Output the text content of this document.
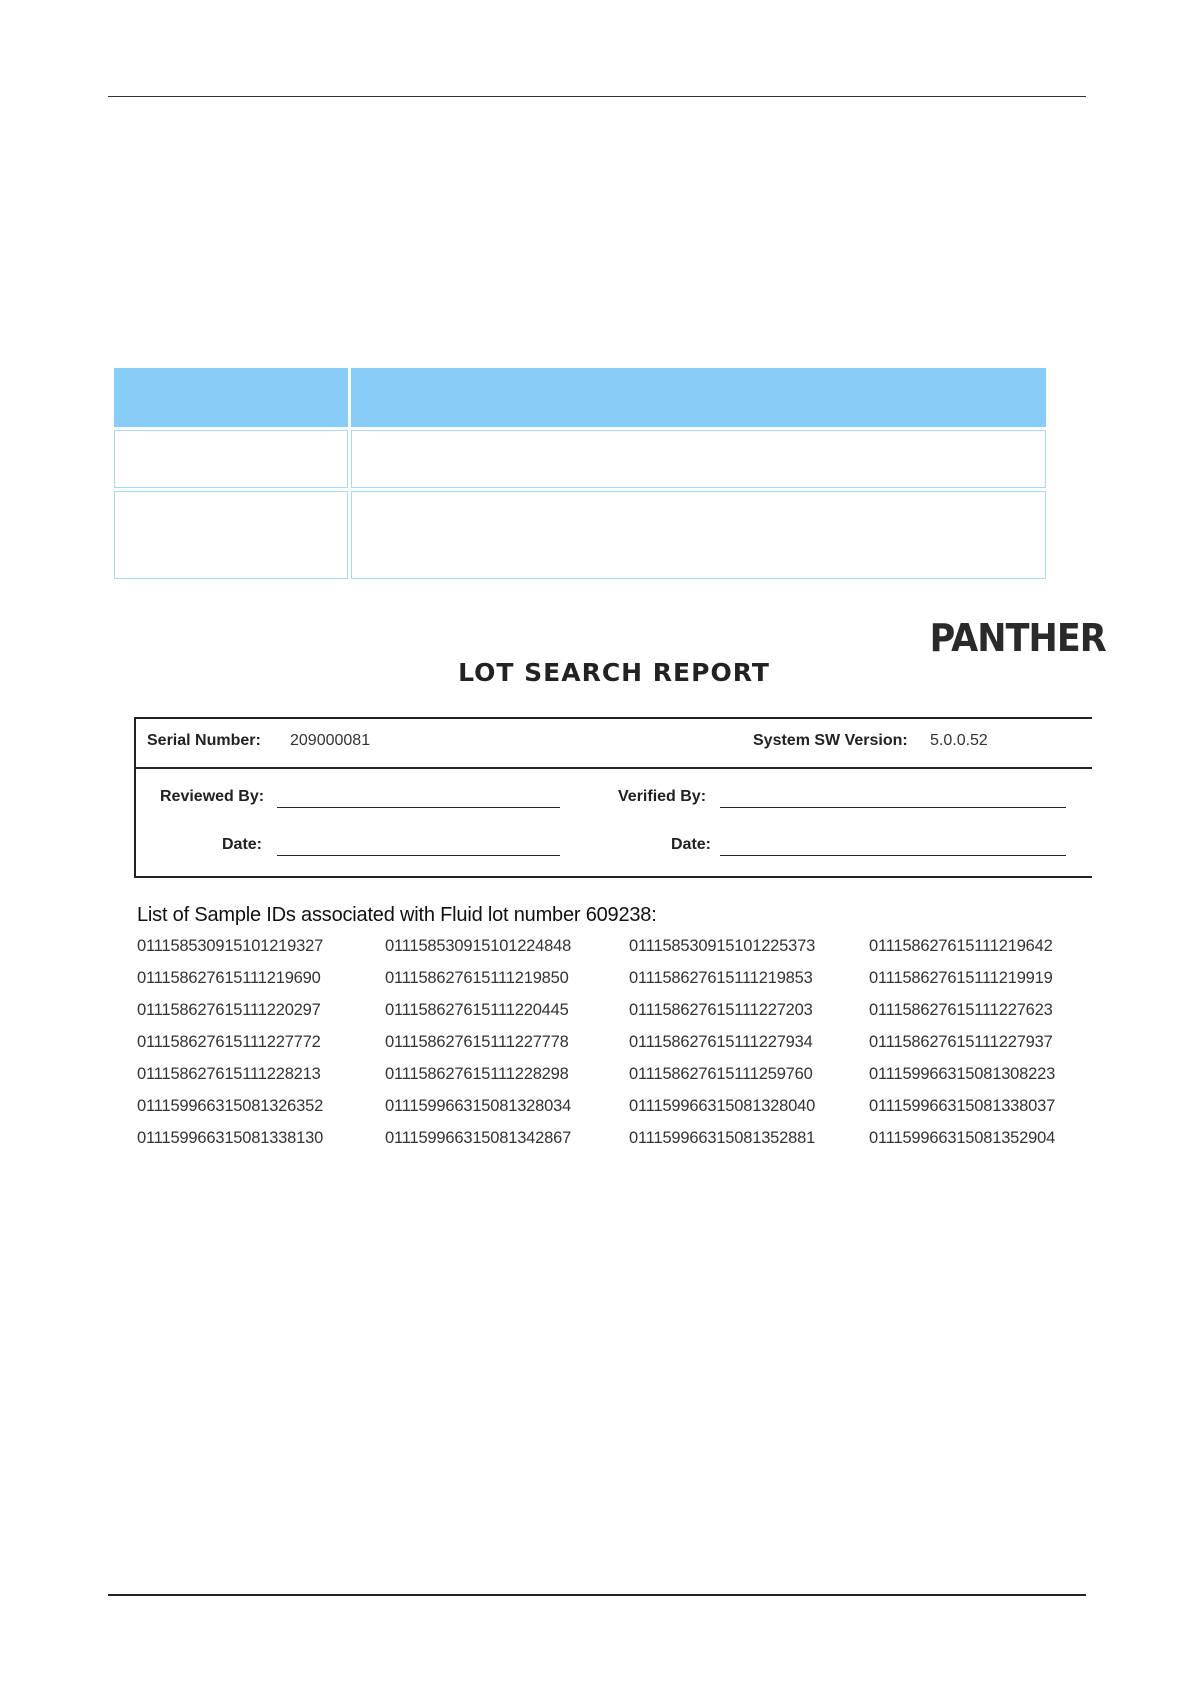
PANTHER
LOT SEARCH REPORT
Serial Number: 209000081	System SW Version: 5.0.0.52
Reviewed By:	Verified By:
Date:	Date:
List of Sample IDs associated with Fluid lot number 609238:
011158530915101219327	011158530915101224848	011158530915101225373	011158627615111219642
011158627615111219690	011158627615111219850	011158627615111219853	011158627615111219919
011158627615111220297	011158627615111220445	011158627615111227203	011158627615111227623
011158627615111227772	011158627615111227778	011158627615111227934	011158627615111227937
011158627615111228213	011158627615111228298	011158627615111259760	011159966315081308223
011159966315081326352	011159966315081328034	011159966315081328040	011159966315081338037
011159966315081338130	011159966315081342867	011159966315081352881	011159966315081352904
